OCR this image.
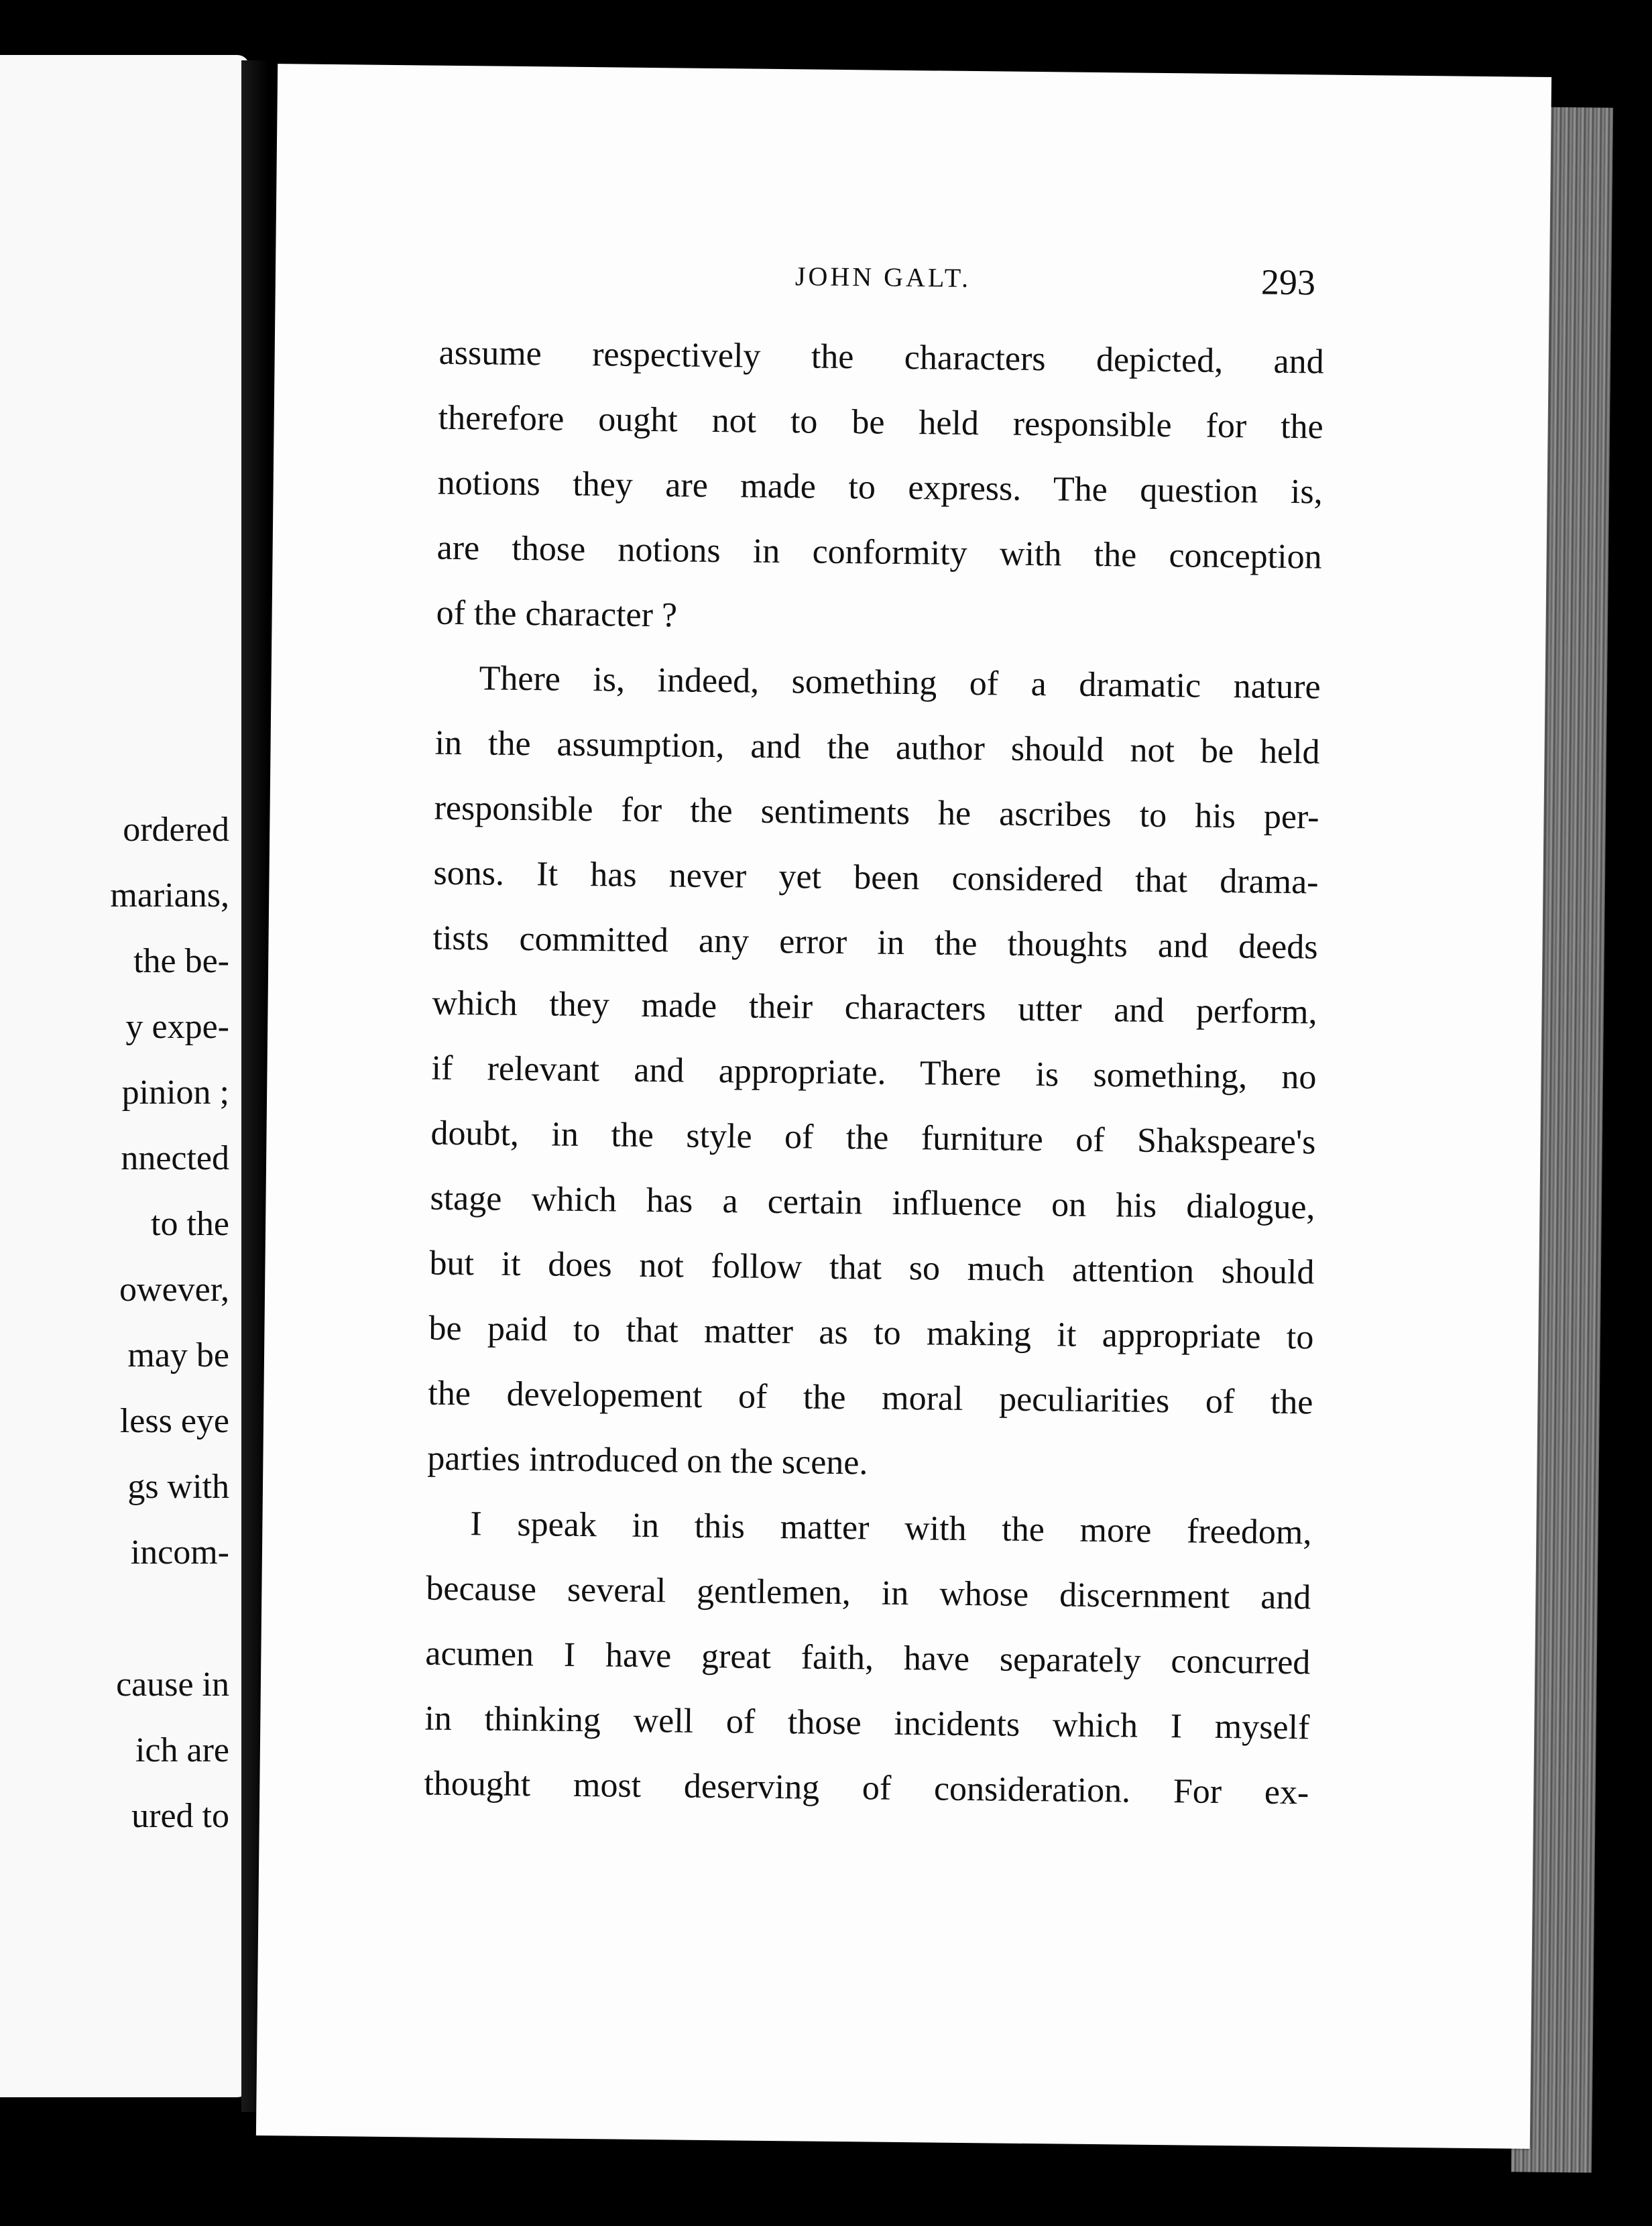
ordered
marians,
the be-
y expe-
pinion ;
nnected
to the
owever,
may be
less eye
gs with
incom-
cause in
ich are
ured to
JOHN GALT.	293
assume respectively the characters depicted, and
therefore ought not to be held responsible for the
notions they are made to express. The question is,
are those notions in conformity with the conception
of the character ?
There is, indeed, something of a dramatic nature
in the assumption, and the author should not be held
responsible for the sentiments he ascribes to his per-
sons. It has never yet been considered that drama-
tists committed any error in the thoughts and deeds
which they made their characters utter and perform,
if relevant and appropriate. There is something, no
doubt, in the style of the furniture of Shakspeare's
stage which has a certain influence on his dialogue,
but it does not follow that so much attention should
be paid to that matter as to making it appropriate to
the developement of the moral peculiarities of the
parties introduced on the scene.
I speak in this matter with the more freedom,
because several gentlemen, in whose discernment and
acumen I have great faith, have separately concurred
in thinking well of those incidents which I myself
thought most deserving of consideration. For ex-
